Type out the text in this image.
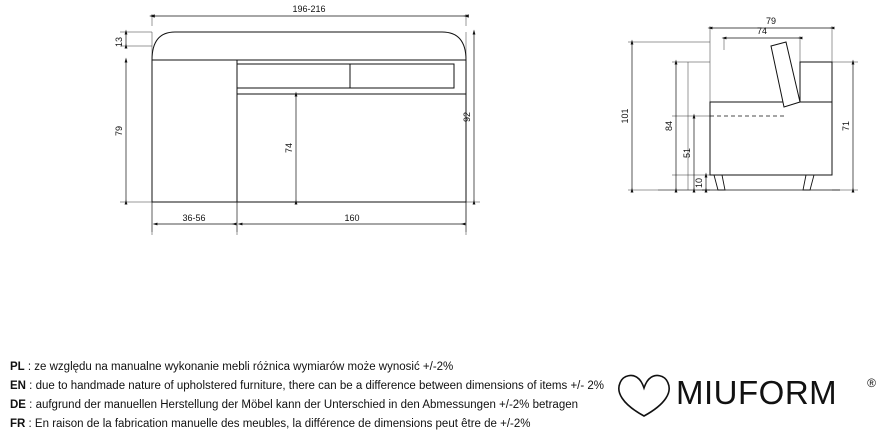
196-216
13
79
92
74
36-56	160
79
74
101
84
51
10
71
PL : ze względu na manualne wykonanie mebli różnica wymiarów może wynosić +/-2%
EN : due to handmade nature of upholstered furniture, there can be a difference between dimensions of items +/- 2%
DE : aufgrund der manuellen Herstellung der Möbel kann der Unterschied in den Abmessungen +/-2% betragen
FR : En raison de la fabrication manuelle des meubles, la différence de dimensions peut être de +/-2%
MIUFORM	®
